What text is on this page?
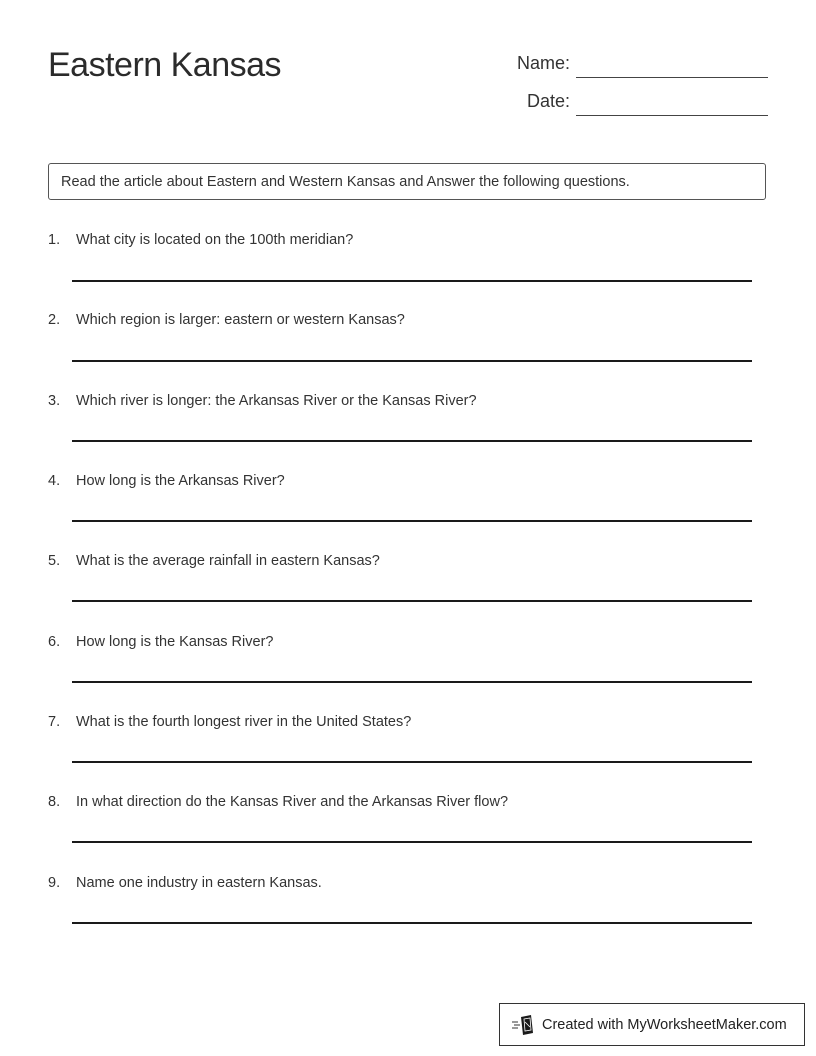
Eastern Kansas	Name:
Date:
Read the article about Eastern and Western Kansas and Answer the following questions.
1. What city is located on the 100th meridian?
2. Which region is larger: eastern or western Kansas?
3. Which river is longer: the Arkansas River or the Kansas River?
4. How long is the Arkansas River?
5. What is the average rainfall in eastern Kansas?
6. How long is the Kansas River?
7. What is the fourth longest river in the United States?
8. In what direction do the Kansas River and the Arkansas River flow?
9. Name one industry in eastern Kansas.
Created with MyWorksheetMaker.com
